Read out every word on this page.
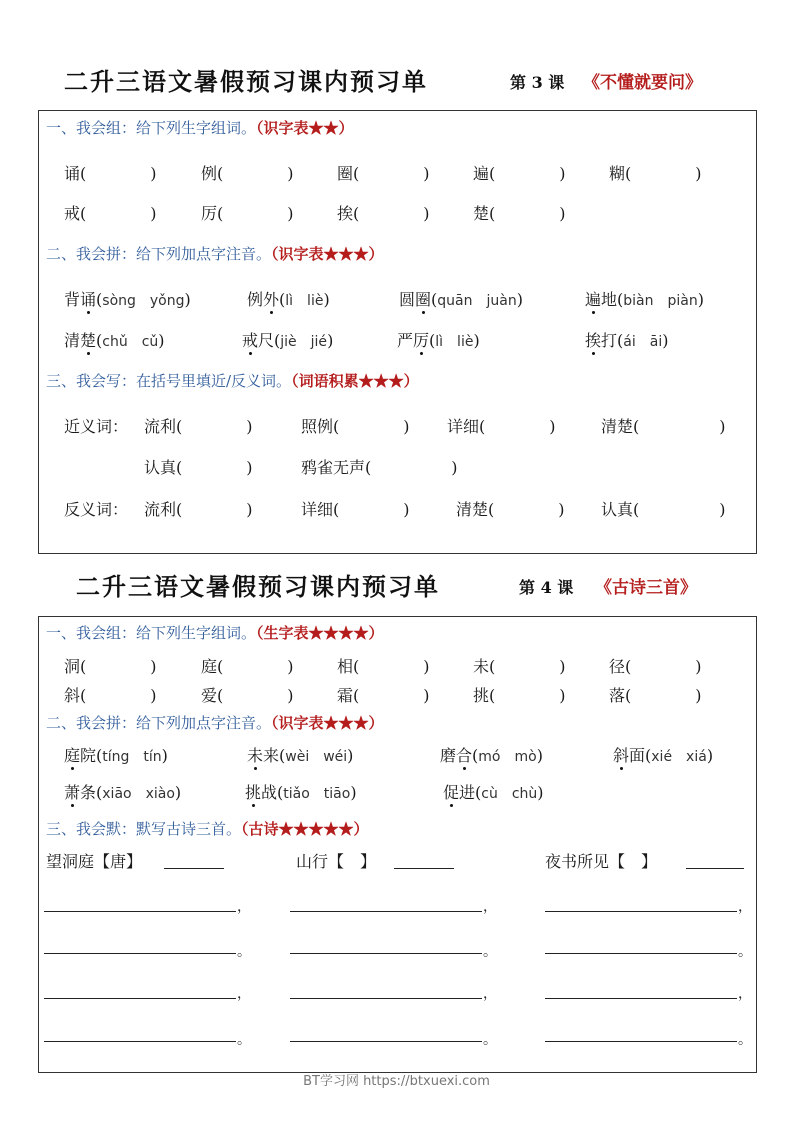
二升三语文暑假预习课内预习单	第 3 课 《不懂就要问》
一、我会组：给下列生字组词。（识字表★★）
诵(　　　　)	例(　　　　)	圈(　　　　)	遍(　　　　)	糊(　　　　)
戒(　　　　)	厉(　　　　)	挨(　　　　)	楚(　　　　)
二、我会拼：给下列加点字注音。（识字表★★★）
背诵(sòng　yǒng)	例外(lì　liè)	圆圈(quān　juàn)	遍地(biàn　piàn)
清楚(chǔ　cǔ)	戒尺(jiè　jié)	严厉(lì　liè)	挨打(ái　āi)
三、我会写：在括号里填近/反义词。（词语积累★★★）
近义词： 流利(　　　　)	照例(　　　　) 详细(　　　　)	清楚(　　　　　)
认真(　　　　)	鸦雀无声(　　　　　)
反义词： 流利(　　　　)	详细(　　　　)	清楚(　　　　) 认真(　　　　　)
二升三语文暑假预习课内预习单	第 4 课 《古诗三首》
一、我会组：给下列生字组词。（生字表★★★★）
洞(　　　　)	庭(　　　　)	相(　　　　)	未(　　　　)	径(　　　　)
斜(　　　　)	爱(　　　　)	霜(　　　　)	挑(　　　　)	落(　　　　)
二、我会拼：给下列加点字注音。（识字表★★★）
庭院(tíng　tín)	未来(wèi　wéi)	磨合(mó　mò)	斜面(xié　xiá)
萧条(xiāo　xiào)	挑战(tiǎo　tiāo)	促进(cù　chù)
三、我会默：默写古诗三首。（古诗★★★★★）
望洞庭【唐】	山行【　】	夜书所见【　】
，	，	，
。	。	。
，	，	，
。	。	。
BT学习网 https://btxuexi.com
